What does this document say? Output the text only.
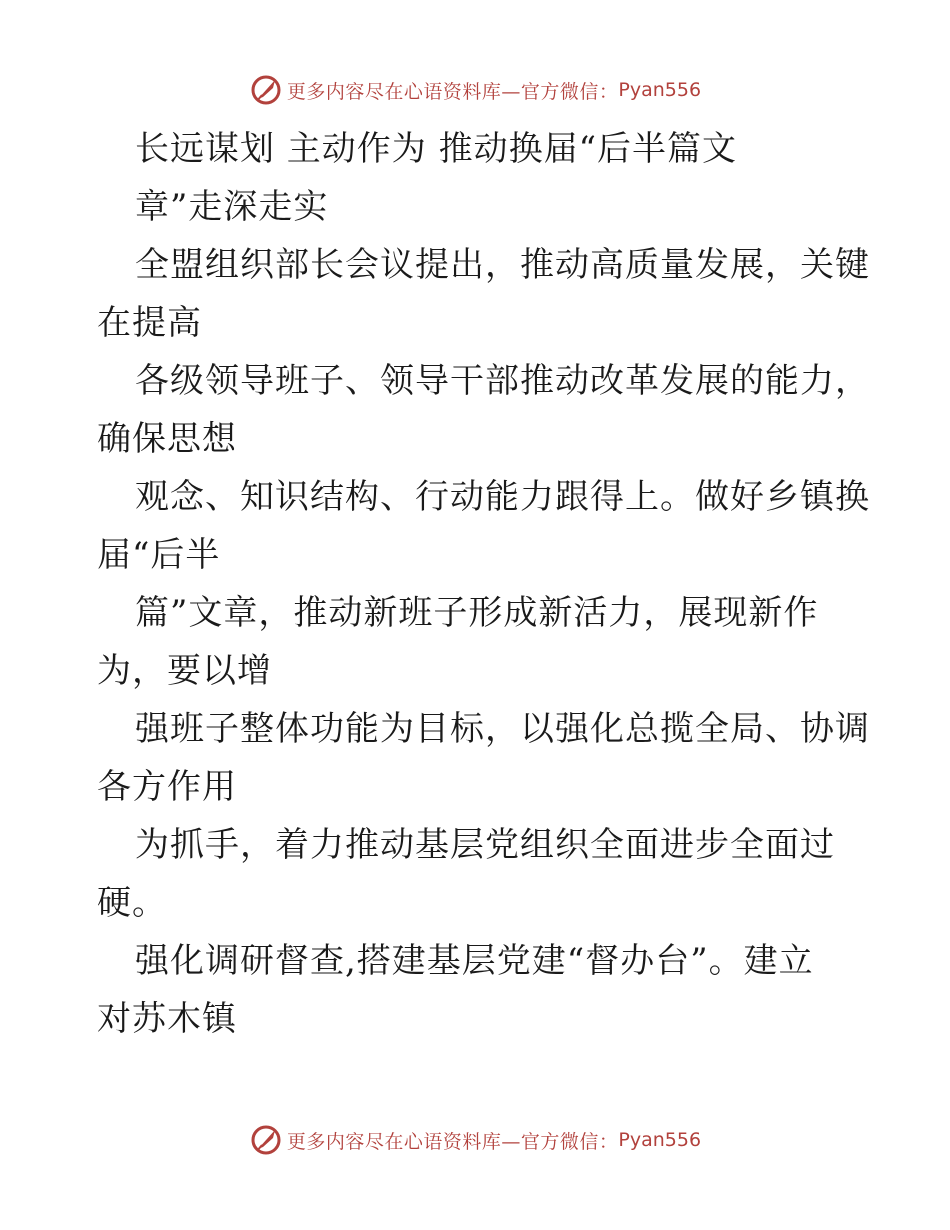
更多内容尽在心语资料库—官方微信： Pyan556
长远谋划 主动作为 推动换届“后半篇文
章”走深走实
全盟组织部长会议提出，推动高质量发展，关键
在提高
各级领导班子、领导干部推动改革发展的能力，
确保思想
观念、知识结构、行动能力跟得上。做好乡镇换
届“后半
篇”文章，推动新班子形成新活力，展现新作
为，要以增
强班子整体功能为目标，以强化总揽全局、协调
各方作用
为抓手，着力推动基层党组织全面进步全面过
硬。
强化调研督查,搭建基层党建“督办台”。建立
对苏木镇
更多内容尽在心语资料库—官方微信： Pyan556
